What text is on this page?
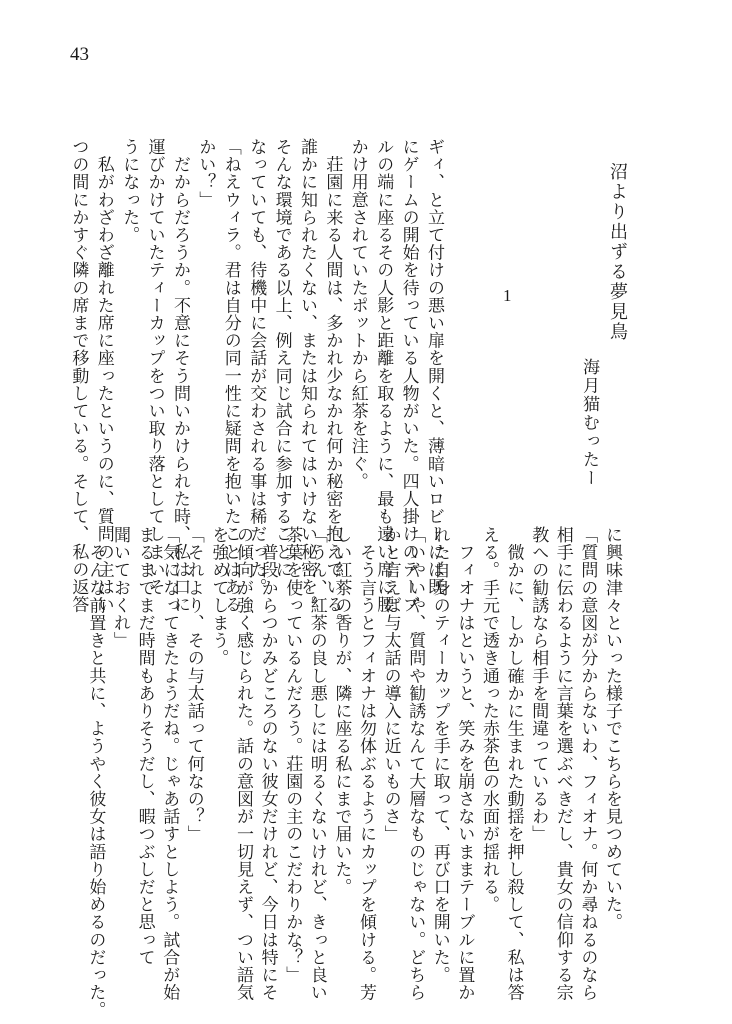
43
沼より出ずる夢見鳥
海月猫むったー
1
ギィ、と立て付けの悪い扉を開くと、薄暗いロビーには既
にゲームの開始を待っている人物がいた。四人掛けのテーブ
ルの端に座るその人影と距離を取るように、最も遠い席に腰
かけ用意されていたポットから紅茶を注ぐ。
　荘園に来る人間は、多かれ少なかれ何か秘密を抱えている。
誰かに知られたくない、または知られてはいけない秘密を。
そんな環境である以上、例え同じ試合に参加することに
なっていても、待機中に会話が交わされる事は稀だった。
「ねえウィラ。君は自分の同一性に疑問を抱いたことはある
かい？」
　だからだろうか。不意にそう問いかけられた時、私は口に
運びかけていたティーカップをつい取り落としてしまいそ
うになった。
　私がわざわざ離れた席に座ったというのに、質問の主はい
つの間にかすぐ隣の席まで移動している。そして、私の返答
に興味津々といった様子でこちらを見つめていた。
「質問の意図が分からないわ、フィオナ。何か尋ねるのなら
相手に伝わるように言葉を選ぶべきだし、貴女の信仰する宗
教への勧誘なら相手を間違っているわ」
　微かに、しかし確かに生まれた動揺を押し殺して、私は答
える。手元で透き通った赤茶色の水面が揺れる。
　フィオナはというと、笑みを崩さないままテーブルに置か
れた自身のティーカップを手に取って、再び口を開いた。
「いやいや、質問や勧誘なんて大層なものじゃない。どちら
かと言えば与太話の導入に近いものさ」
　そう言うとフィオナは勿体ぶるようにカップを傾ける。芳
しい紅茶の香りが、隣に座る私にまで届いた。
「うん、紅茶の良し悪しには明るくないけれど、きっと良い
茶葉を使っているんだろう。荘園の主のこだわりかな？」
　普段からつかみどころのない彼女だけれど、今日は特にそ
の傾向が強く感じられた。話の意図が一切見えず、つい語気
を強めてしまう。
「それより、その与太話って何なの？」
「気になってきたようだね。じゃあ話すとしよう。試合が始
まるまでまだ時間もありそうだし、暇つぶしだと思って
聞いておくれ」
　そんな前置きと共に、ようやく彼女は語り始めるのだった。
